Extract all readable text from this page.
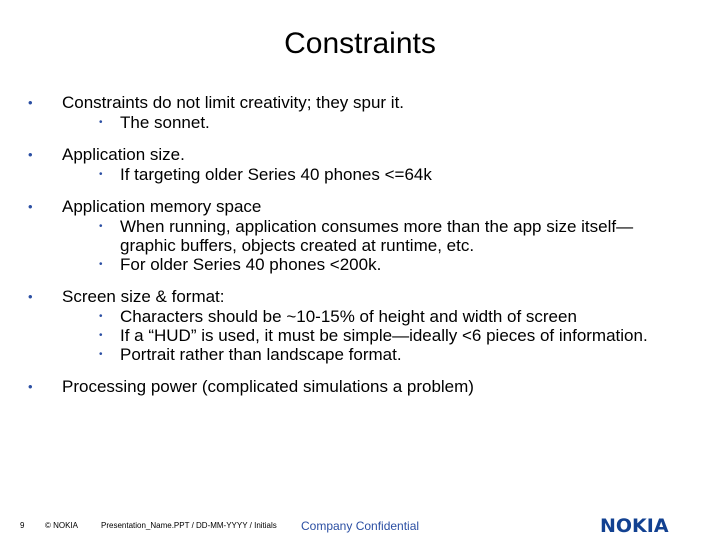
Constraints
•	Constraints do not limit creativity; they spur it.
•	The sonnet.
•	Application size.
•	If targeting older Series 40 phones <=64k
•	Application memory space
•	When running, application consumes more than the app size itself—graphic buffers, objects created at runtime, etc.
•	For older Series 40 phones <200k.
•	Screen size & format:
•	Characters should be ~10-15% of height and width of screen
•	If a “HUD” is used, it must be simple—ideally <6 pieces of information.
•	Portrait rather than landscape format.
•	Processing power (complicated simulations a problem)
9	© NOKIA	Presentation_Name.PPT / DD-MM-YYYY / Initials Company Confidential	NOKIA
